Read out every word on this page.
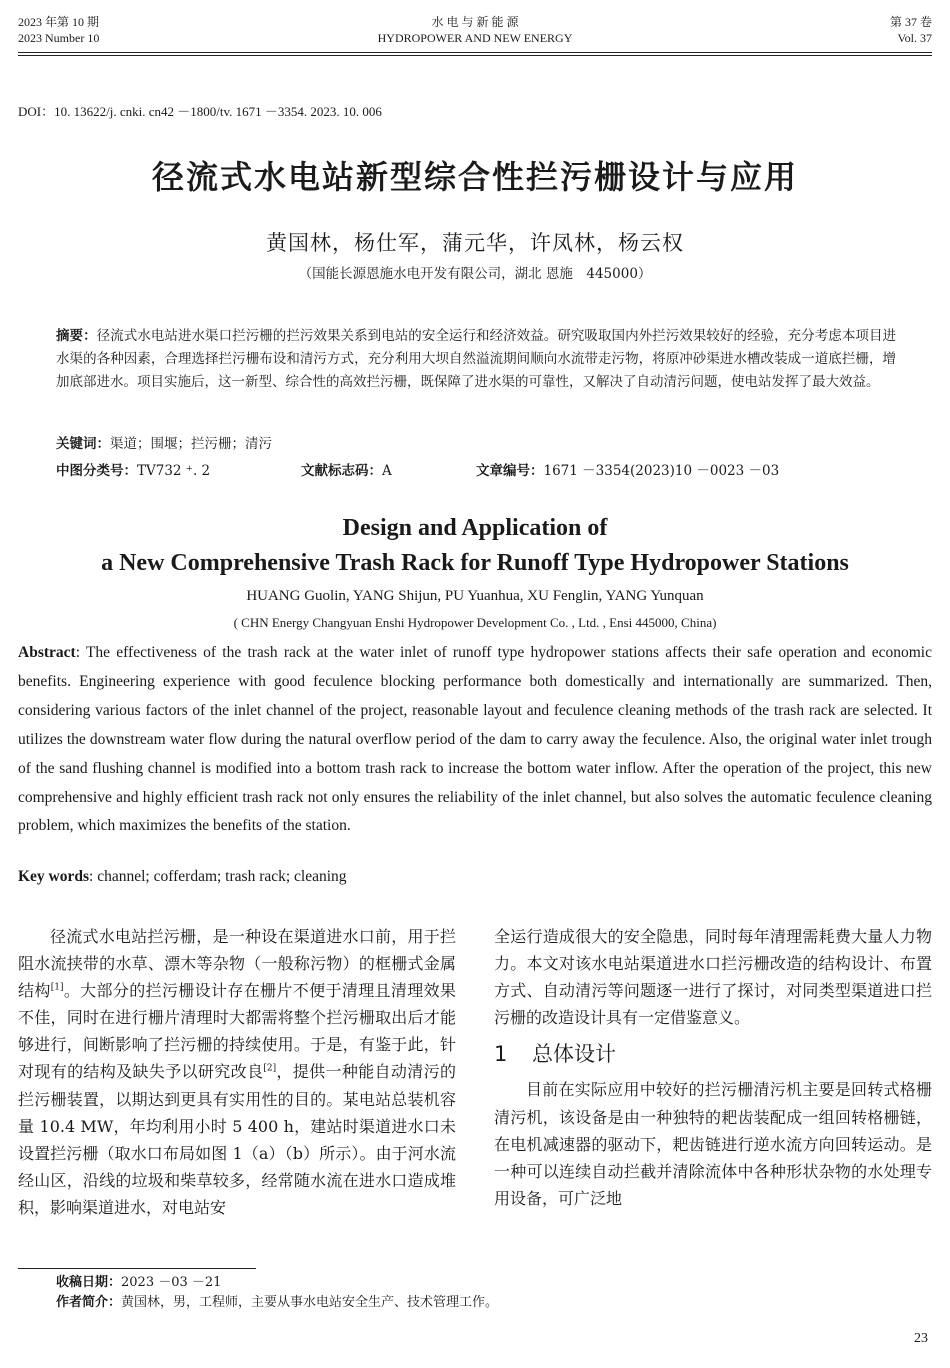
2023 年第 10 期
2023 Number 10
水 电 与 新 能 源
HYDROPOWER AND NEW ENERGY
第 37 卷
Vol. 37
DOI：10. 13622/j. cnki. cn42 －1800/tv. 1671 －3354. 2023. 10. 006
径流式水电站新型综合性拦污栅设计与应用
黄国林，杨仕军，蒲元华，许凤林，杨云权
（国能长源恩施水电开发有限公司，湖北 恩施　445000）
摘要：径流式水电站进水渠口拦污栅的拦污效果关系到电站的安全运行和经济效益。研究吸取国内外拦污效果较好的经验，充分考虑本项目进水渠的各种因素，合理选择拦污栅布设和清污方式，充分利用大坝自然溢流期间顺向水流带走污物，将原冲砂渠进水槽改装成一道底拦栅，增加底部进水。项目实施后，这一新型、综合性的高效拦污栅，既保障了进水渠的可靠性，又解决了自动清污问题，使电站发挥了最大效益。
关键词：渠道；围堰；拦污栅；清污
中图分类号：TV732 ⁺. 2	文献标志码：A	文章编号：1671 －3354(2023)10 －0023 －03
Design and Application of
a New Comprehensive Trash Rack for Runoff Type Hydropower Stations
HUANG Guolin, YANG Shijun, PU Yuanhua, XU Fenglin, YANG Yunquan
( CHN Energy Changyuan Enshi Hydropower Development Co. , Ltd. , Ensi 445000, China)
Abstract: The effectiveness of the trash rack at the water inlet of runoff type hydropower stations affects their safe operation and economic benefits. Engineering experience with good feculence blocking performance both domestically and internationally are summarized. Then, considering various factors of the inlet channel of the project, reasonable layout and feculence cleaning methods of the trash rack are selected. It utilizes the downstream water flow during the natural overflow period of the dam to carry away the feculence. Also, the original water inlet trough of the sand flushing channel is modified into a bottom trash rack to increase the bottom water inflow. After the operation of the project, this new comprehensive and highly efficient trash rack not only ensures the reliability of the inlet channel, but also solves the automatic feculence cleaning problem, which maximizes the benefits of the station.
Key words: channel; cofferdam; trash rack; cleaning

径流式水电站拦污栅，是一种设在渠道进水口前，用于拦阻水流挟带的水草、漂木等杂物（一般称污物）的框栅式金属结构[1]。大部分的拦污栅设计存在栅片不便于清理且清理效果不佳，同时在进行栅片清理时大都需将整个拦污栅取出后才能够进行，间断影响了拦污栅的持续使用。于是，有鉴于此，针对现有的结构及缺失予以研究改良[2]，提供一种能自动清污的拦污栅装置，以期达到更具有实用性的目的。某电站总装机容量 10.4 MW，年均利用小时 5 400 h，建站时渠道进水口未设置拦污栅（取水口布局如图 1（a）（b）所示）。由于河水流经山区，沿线的垃圾和柴草较多，经常随水流在进水口造成堆积，影响渠道进水，对电站安

全运行造成很大的安全隐患，同时每年清理需耗费大量人力物力。本文对该水电站渠道进水口拦污栅改造的结构设计、布置方式、自动清污等问题逐一进行了探讨，对同类型渠道进口拦污栅的改造设计具有一定借鉴意义。

1 总体设计

目前在实际应用中较好的拦污栅清污机主要是回转式格栅清污机，该设备是由一种独特的耙齿装配成一组回转格栅链，在电机减速器的驱动下，耙齿链进行逆水流方向回转运动。是一种可以连续自动拦截并清除流体中各种形状杂物的水处理专用设备，可广泛地

收稿日期：2023 －03 －21
作者简介：黄国林，男，工程师，主要从事水电站安全生产、技术管理工作。
23
